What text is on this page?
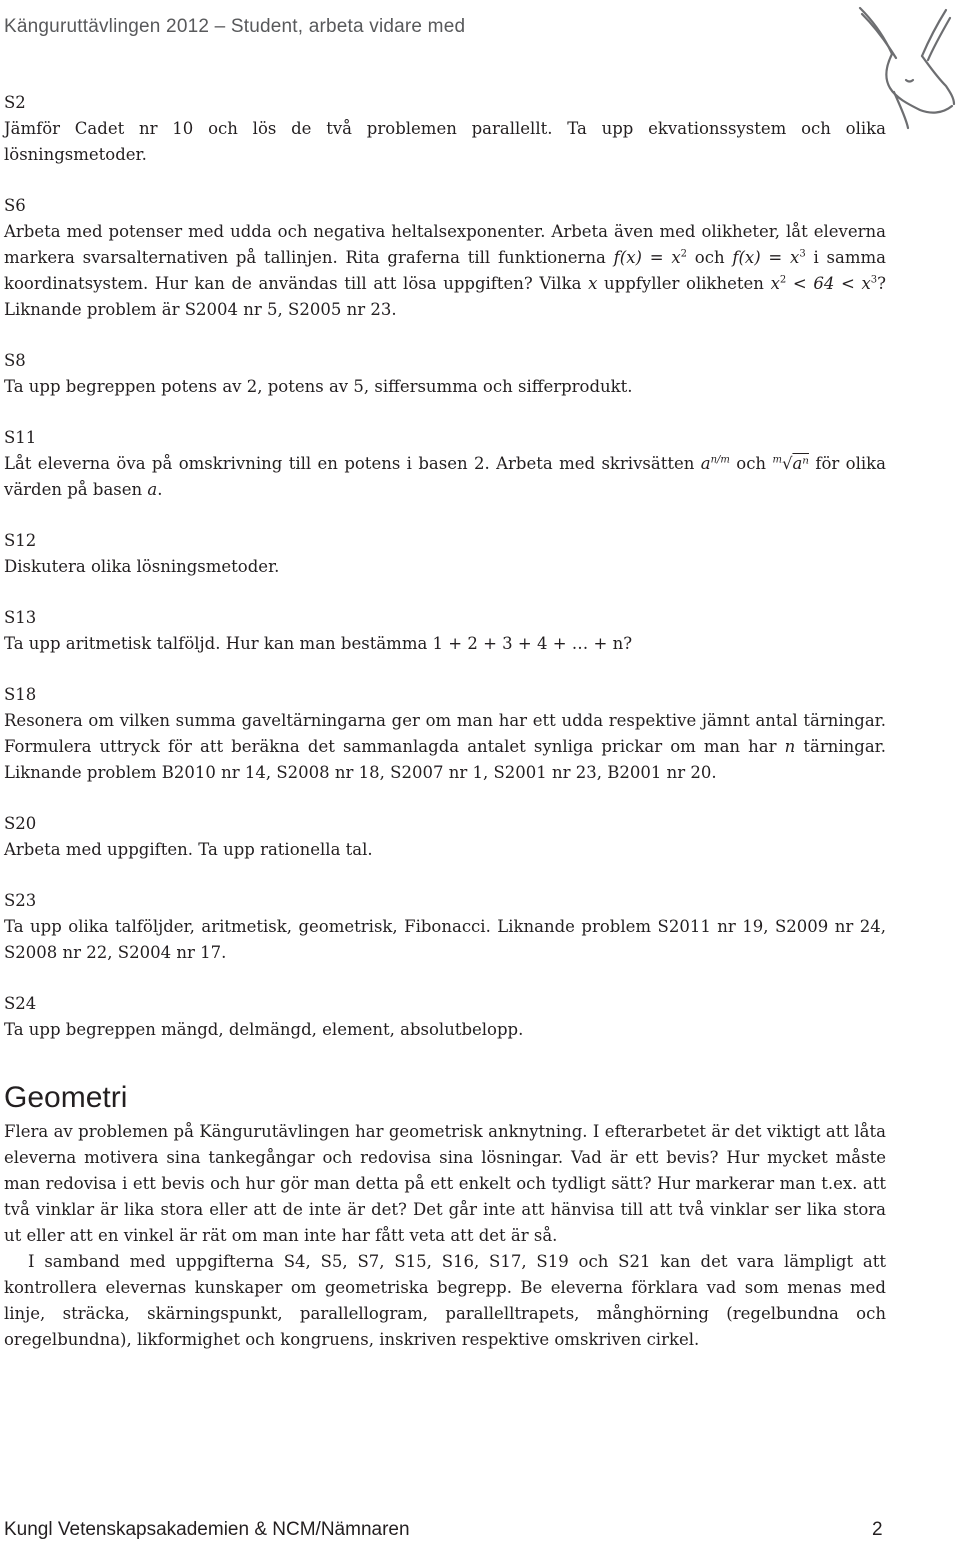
Känguruttävlingen 2012 – Student, arbeta vidare med
S2
Jämför Cadet nr 10 och lös de två problemen parallellt. Ta upp ekvationssystem och olika lösningsmetoder.
S6
Arbeta med potenser med udda och negativa heltalsexponenter. Arbeta även med olikheter, låt eleverna markera svarsalternativen på tallinjen. Rita graferna till funktionerna $f(x) = x^2$ och $f(x) = x^3$ i samma koordinatsystem. Hur kan de användas till att lösa uppgiften? Vilka x uppfyller olikheten $x^2 < 64 < x^3$? Liknande problem är S2004 nr 5, S2005 nr 23.
S8
Ta upp begreppen potens av 2, potens av 5, siffersumma och sifferprodukt.
S11
Låt eleverna öva på omskrivning till en potens i basen 2. Arbeta med skrivsätten $a^{n/m}$ och $^m$√aⁿ för olika värden på basen a.
S12
Diskutera olika lösningsmetoder.
S13
Ta upp aritmetisk talföljd. Hur kan man bestämma 1 + 2 + 3 + 4 + … + n?
S18
Resonera om vilken summa gaveltärningarna ger om man har ett udda respektive jämnt antal tärningar. Formulera uttryck för att beräkna det sammanlagda antalet synliga prickar om man har n tärningar. Liknande problem B2010 nr 14, S2008 nr 18, S2007 nr 1, S2001 nr 23, B2001 nr 20.
S20
Arbeta med uppgiften. Ta upp rationella tal.
S23
Ta upp olika talföljder, aritmetisk, geometrisk, Fibonacci. Liknande problem S2011 nr 19, S2009 nr 24, S2008 nr 22, S2004 nr 17.
S24
Ta upp begreppen mängd, delmängd, element, absolutbelopp.
Geometri
Flera av problemen på Kängurutävlingen har geometrisk anknytning. I efterarbetet är det viktigt att låta eleverna motivera sina tankegångar och redovisa sina lösningar. Vad är ett bevis? Hur mycket måste man redovisa i ett bevis och hur gör man detta på ett enkelt och tydligt sätt? Hur markerar man t.ex. att två vinklar är lika stora eller att de inte är det? Det går inte att hänvisa till att två vinklar ser lika stora ut eller att en vinkel är rät om man inte har fått veta att det är så.
I samband med uppgifterna S4, S5, S7, S15, S16, S17, S19 och S21 kan det vara lämpligt att kontrollera elevernas kunskaper om geometriska begrepp. Be eleverna förklara vad som menas med linje, sträcka, skärningspunkt, parallellogram, parallelltrapets, månghörning (regelbundna och oregelbundna), likformighet och kongruens, inskriven respektive omskriven cirkel.
Kungl Vetenskapsakademien & NCM/Nämnaren	2
